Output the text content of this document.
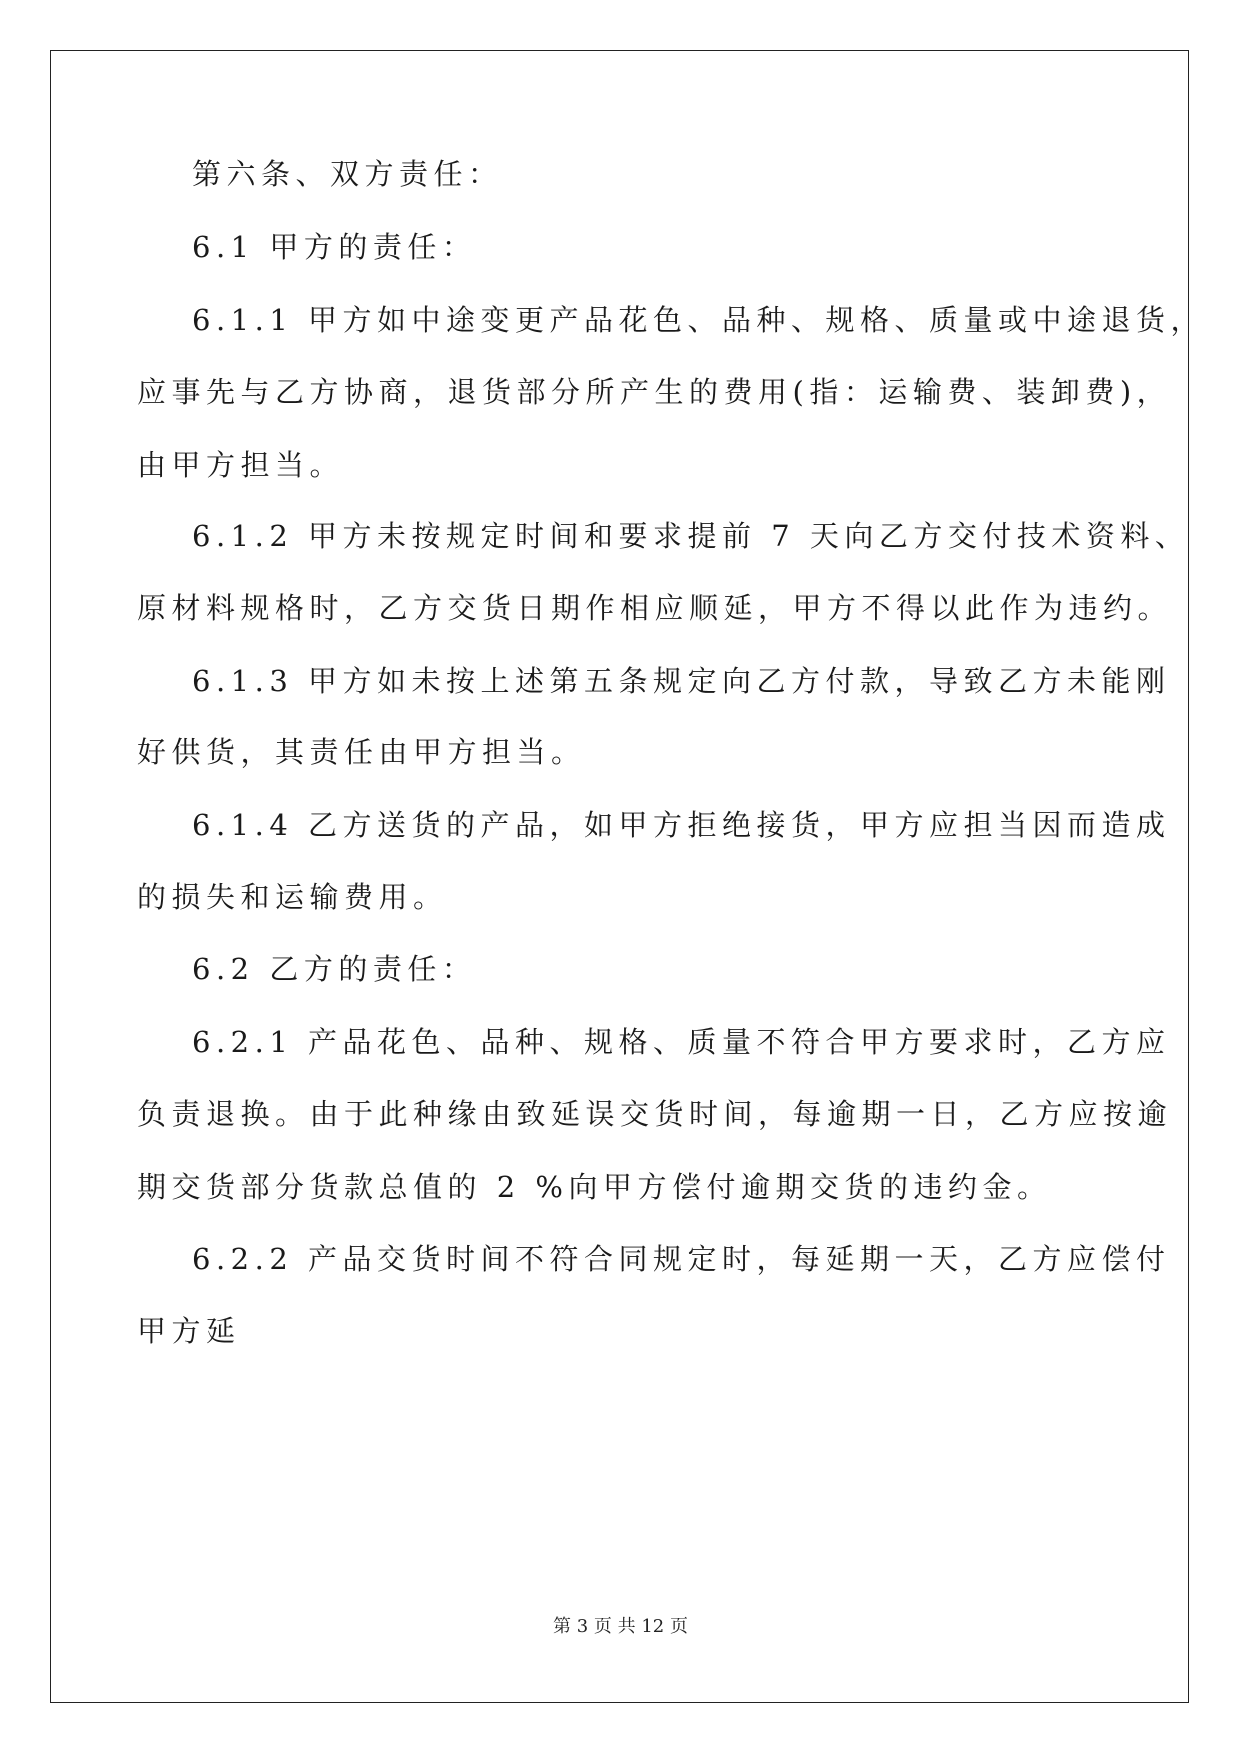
第六条、双方责任：
6.1 甲方的责任：
6.1.1 甲方如中途变更产品花色、品种、规格、质量或中途退货，
应事先与乙方协商，退货部分所产生的费用(指：运输费、装卸费)，
由甲方担当。
6.1.2 甲方未按规定时间和要求提前 7 天向乙方交付技术资料、
原材料规格时，乙方交货日期作相应顺延，甲方不得以此作为违约。
6.1.3 甲方如未按上述第五条规定向乙方付款，导致乙方未能刚
好供货，其责任由甲方担当。
6.1.4 乙方送货的产品，如甲方拒绝接货，甲方应担当因而造成
的损失和运输费用。
6.2 乙方的责任：
6.2.1 产品花色、品种、规格、质量不符合甲方要求时，乙方应
负责退换。由于此种缘由致延误交货时间，每逾期一日，乙方应按逾
期交货部分货款总值的 2 %向甲方偿付逾期交货的违约金。
6.2.2 产品交货时间不符合同规定时，每延期一天，乙方应偿付
甲方延
第 3 页 共 12 页
